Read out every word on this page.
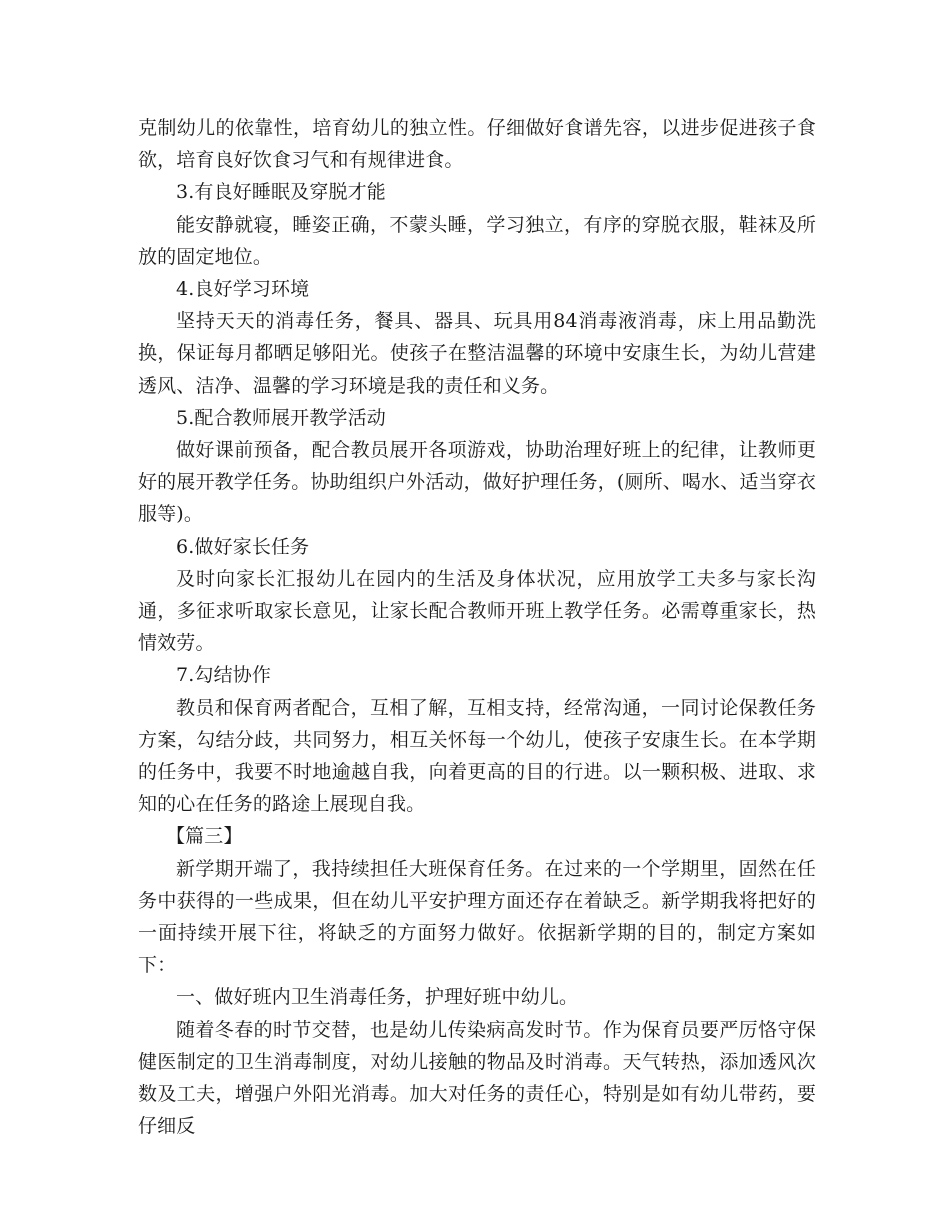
克制幼儿的依靠性，培育幼儿的独立性。仔细做好食谱先容，以进步促进孩子食欲，培育良好饮食习气和有规律进食。

3.有良好睡眠及穿脱才能

能安静就寝，睡姿正确，不蒙头睡，学习独立，有序的穿脱衣服，鞋袜及所放的固定地位。

4.良好学习环境

坚持天天的消毒任务，餐具、器具、玩具用84消毒液消毒，床上用品勤洗换，保证每月都晒足够阳光。使孩子在整洁温馨的环境中安康生长，为幼儿营建透风、洁净、温馨的学习环境是我的责任和义务。

5.配合教师展开教学活动

做好课前预备，配合教员展开各项游戏，协助治理好班上的纪律，让教师更好的展开教学任务。协助组织户外活动，做好护理任务，(厕所、喝水、适当穿衣服等)。

6.做好家长任务

及时向家长汇报幼儿在园内的生活及身体状况，应用放学工夫多与家长沟通，多征求听取家长意见，让家长配合教师开班上教学任务。必需尊重家长，热情效劳。

7.勾结协作

教员和保育两者配合，互相了解，互相支持，经常沟通，一同讨论保教任务方案，勾结分歧，共同努力，相互关怀每一个幼儿，使孩子安康生长。在本学期的任务中，我要不时地逾越自我，向着更高的目的行进。以一颗积极、进取、求知的心在任务的路途上展现自我。

【篇三】

新学期开端了，我持续担任大班保育任务。在过来的一个学期里，固然在任务中获得的一些成果，但在幼儿平安护理方面还存在着缺乏。新学期我将把好的一面持续开展下往，将缺乏的方面努力做好。依据新学期的目的，制定方案如下：

一、做好班内卫生消毒任务，护理好班中幼儿。

随着冬春的时节交替，也是幼儿传染病高发时节。作为保育员要严厉恪守保健医制定的卫生消毒制度，对幼儿接触的物品及时消毒。天气转热，添加透风次数及工夫，增强户外阳光消毒。加大对任务的责任心，特别是如有幼儿带药，要仔细反
